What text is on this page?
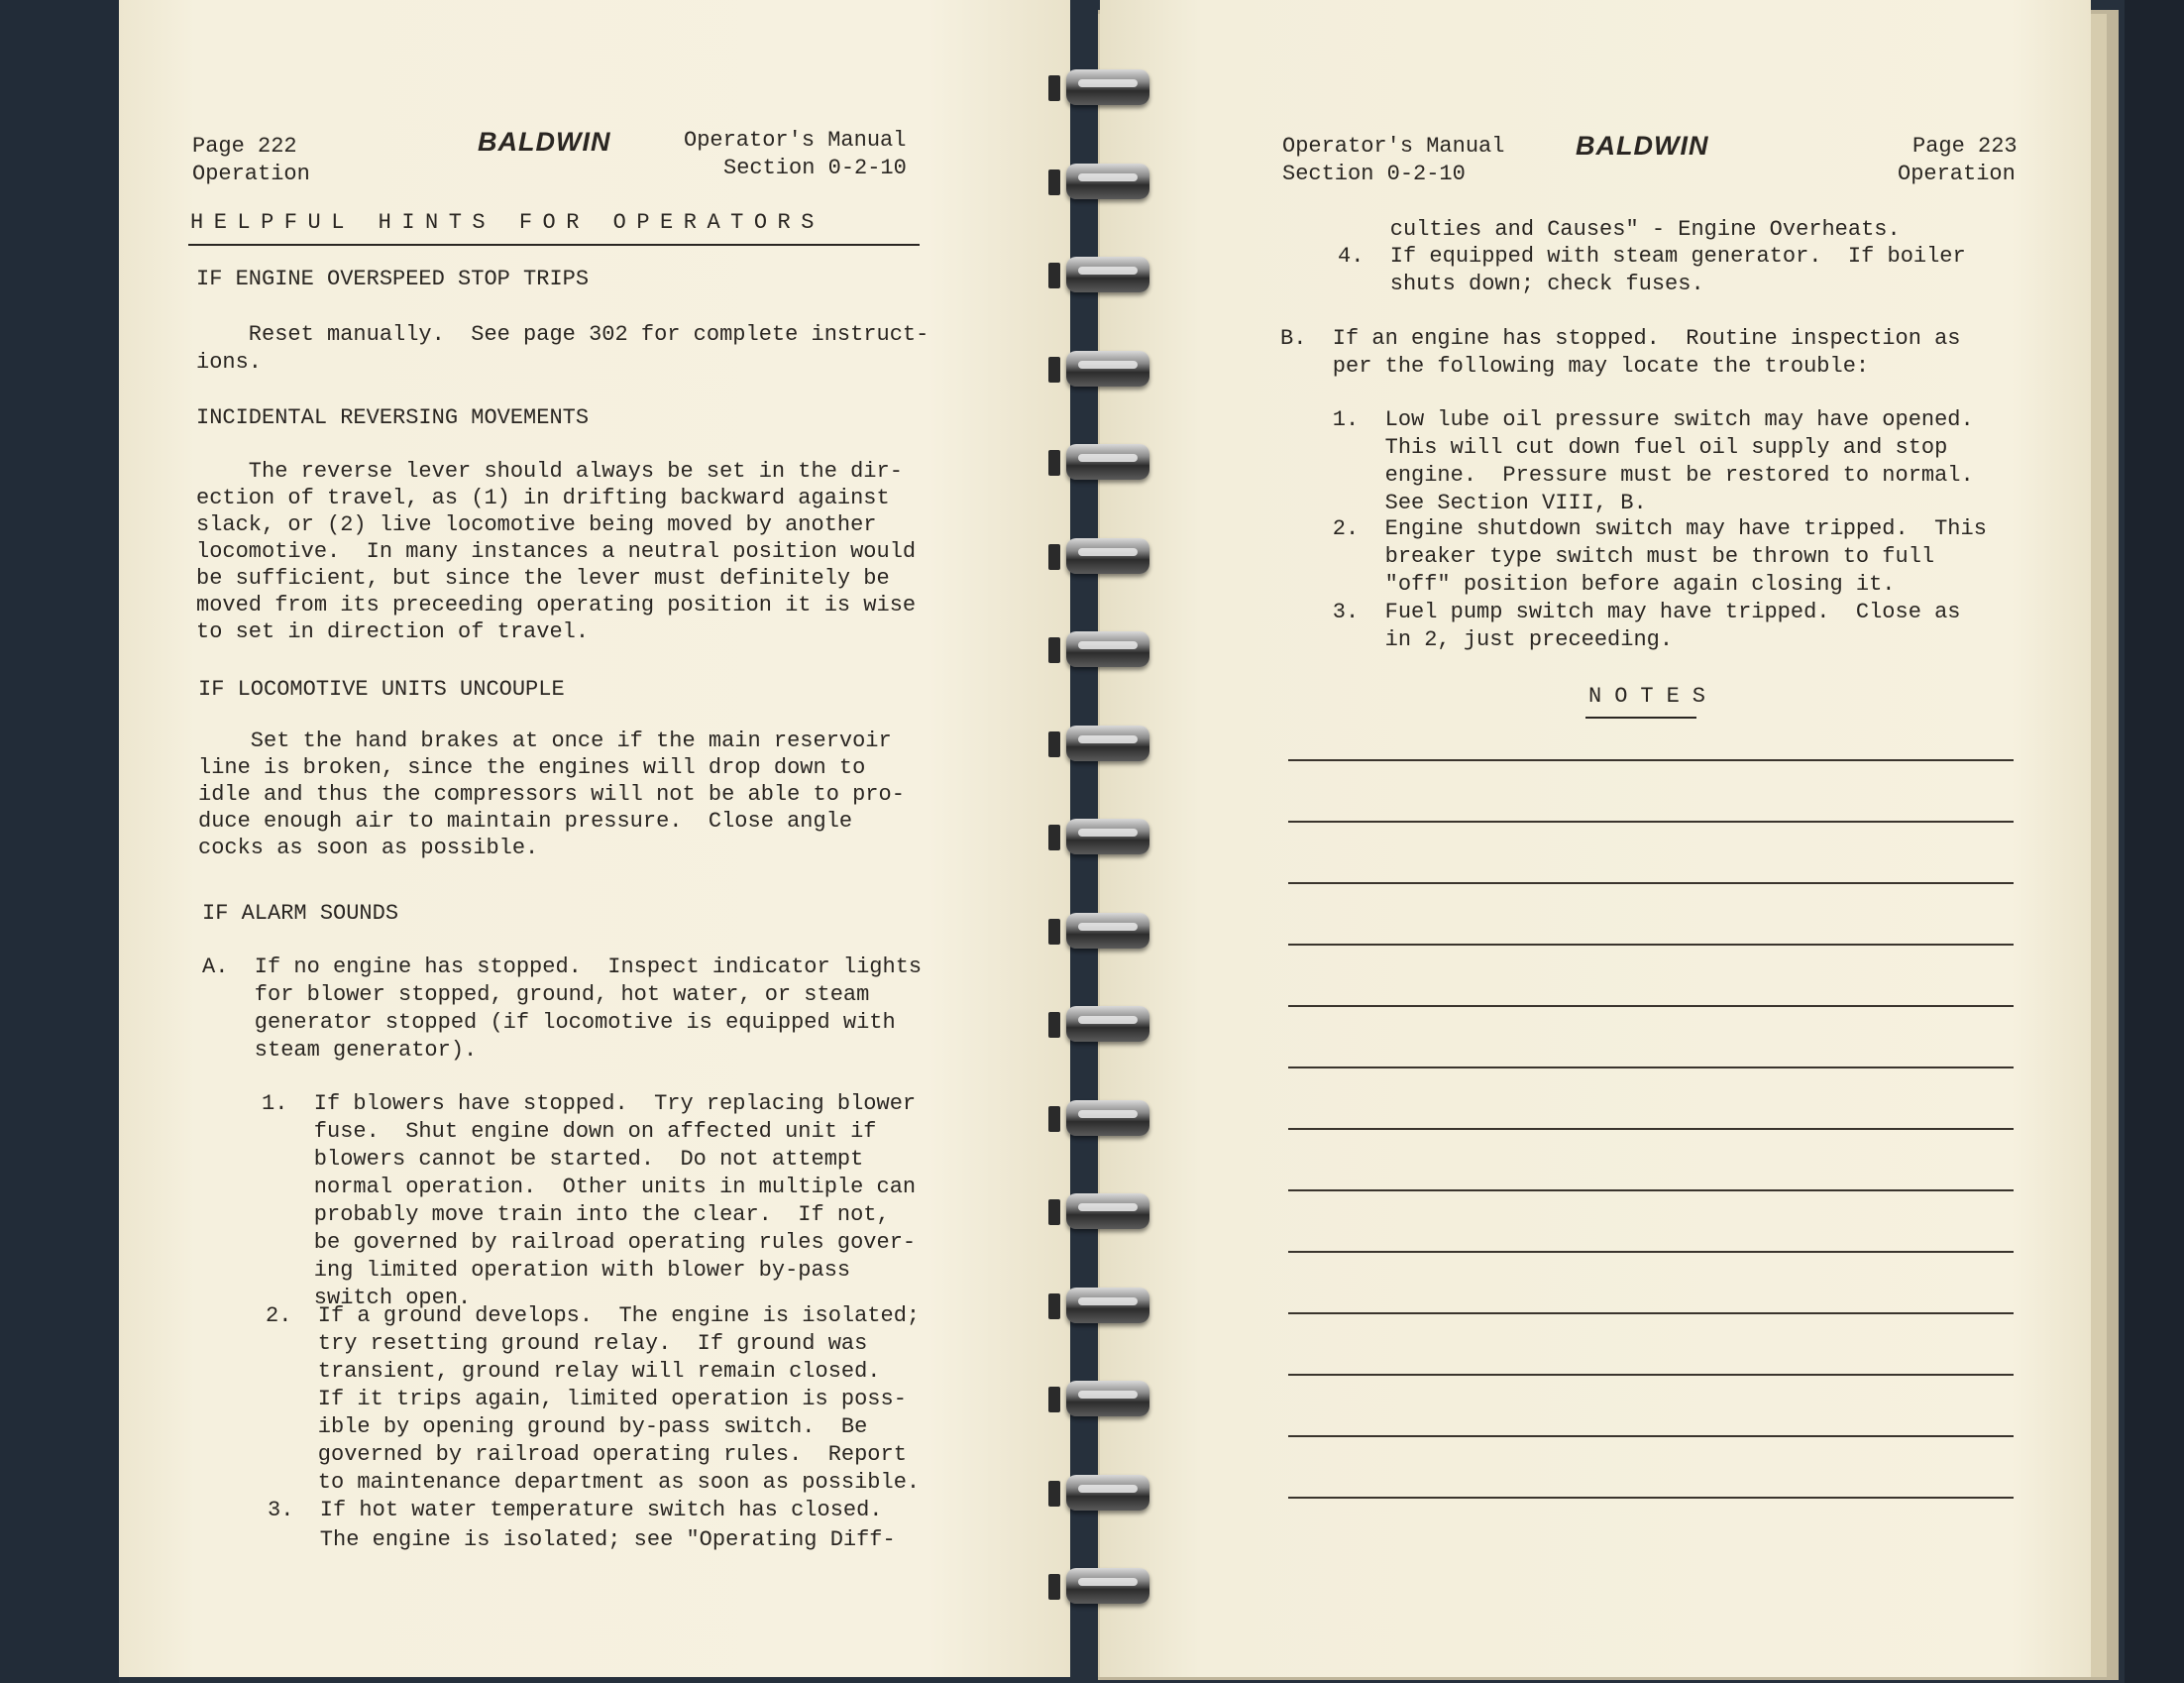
Page 222
Operation
BALDWIN	Operator's Manual
Section 0-2-10
HELPFUL HINTS FOR OPERATORS
IF ENGINE OVERSPEED STOP TRIPS
Reset manually.  See page 302 for complete instruct-
ions.
INCIDENTAL REVERSING MOVEMENTS
The reverse lever should always be set in the dir-
ection of travel, as (1) in drifting backward against
slack, or (2) live locomotive being moved by another
locomotive.  In many instances a neutral position would
be sufficient, but since the lever must definitely be
moved from its preceeding operating position it is wise
to set in direction of travel.
IF LOCOMOTIVE UNITS UNCOUPLE
Set the hand brakes at once if the main reservoir
line is broken, since the engines will drop down to
idle and thus the compressors will not be able to pro-
duce enough air to maintain pressure.  Close angle
cocks as soon as possible.
IF ALARM SOUNDS
A.  If no engine has stopped.  Inspect indicator lights
for blower stopped, ground, hot water, or steam
generator stopped (if locomotive is equipped with
steam generator).
1.  If blowers have stopped.  Try replacing blower
fuse.  Shut engine down on affected unit if
blowers cannot be started.  Do not attempt
normal operation.  Other units in multiple can
probably move train into the clear.  If not,
be governed by railroad operating rules gover-
ing limited operation with blower by-pass
switch open.
2.  If a ground develops.  The engine is isolated;
try resetting ground relay.  If ground was
transient, ground relay will remain closed.
If it trips again, limited operation is poss-
ible by opening ground by-pass switch.  Be
governed by railroad operating rules.  Report
to maintenance department as soon as possible.
3.  If hot water temperature switch has closed.
The engine is isolated; see "Operating Diff-
Operator's Manual
Section 0-2-10
BALDWIN	Page 223
Operation
culties and Causes" - Engine Overheats.
4.  If equipped with steam generator.  If boiler
shuts down; check fuses.
B.  If an engine has stopped.  Routine inspection as
per the following may locate the trouble:
1.  Low lube oil pressure switch may have opened.
This will cut down fuel oil supply and stop
engine.  Pressure must be restored to normal.
See Section VIII, B.
2.  Engine shutdown switch may have tripped.  This
breaker type switch must be thrown to full
"off" position before again closing it.
3.  Fuel pump switch may have tripped.  Close as
in 2, just preceeding.
NOTES
